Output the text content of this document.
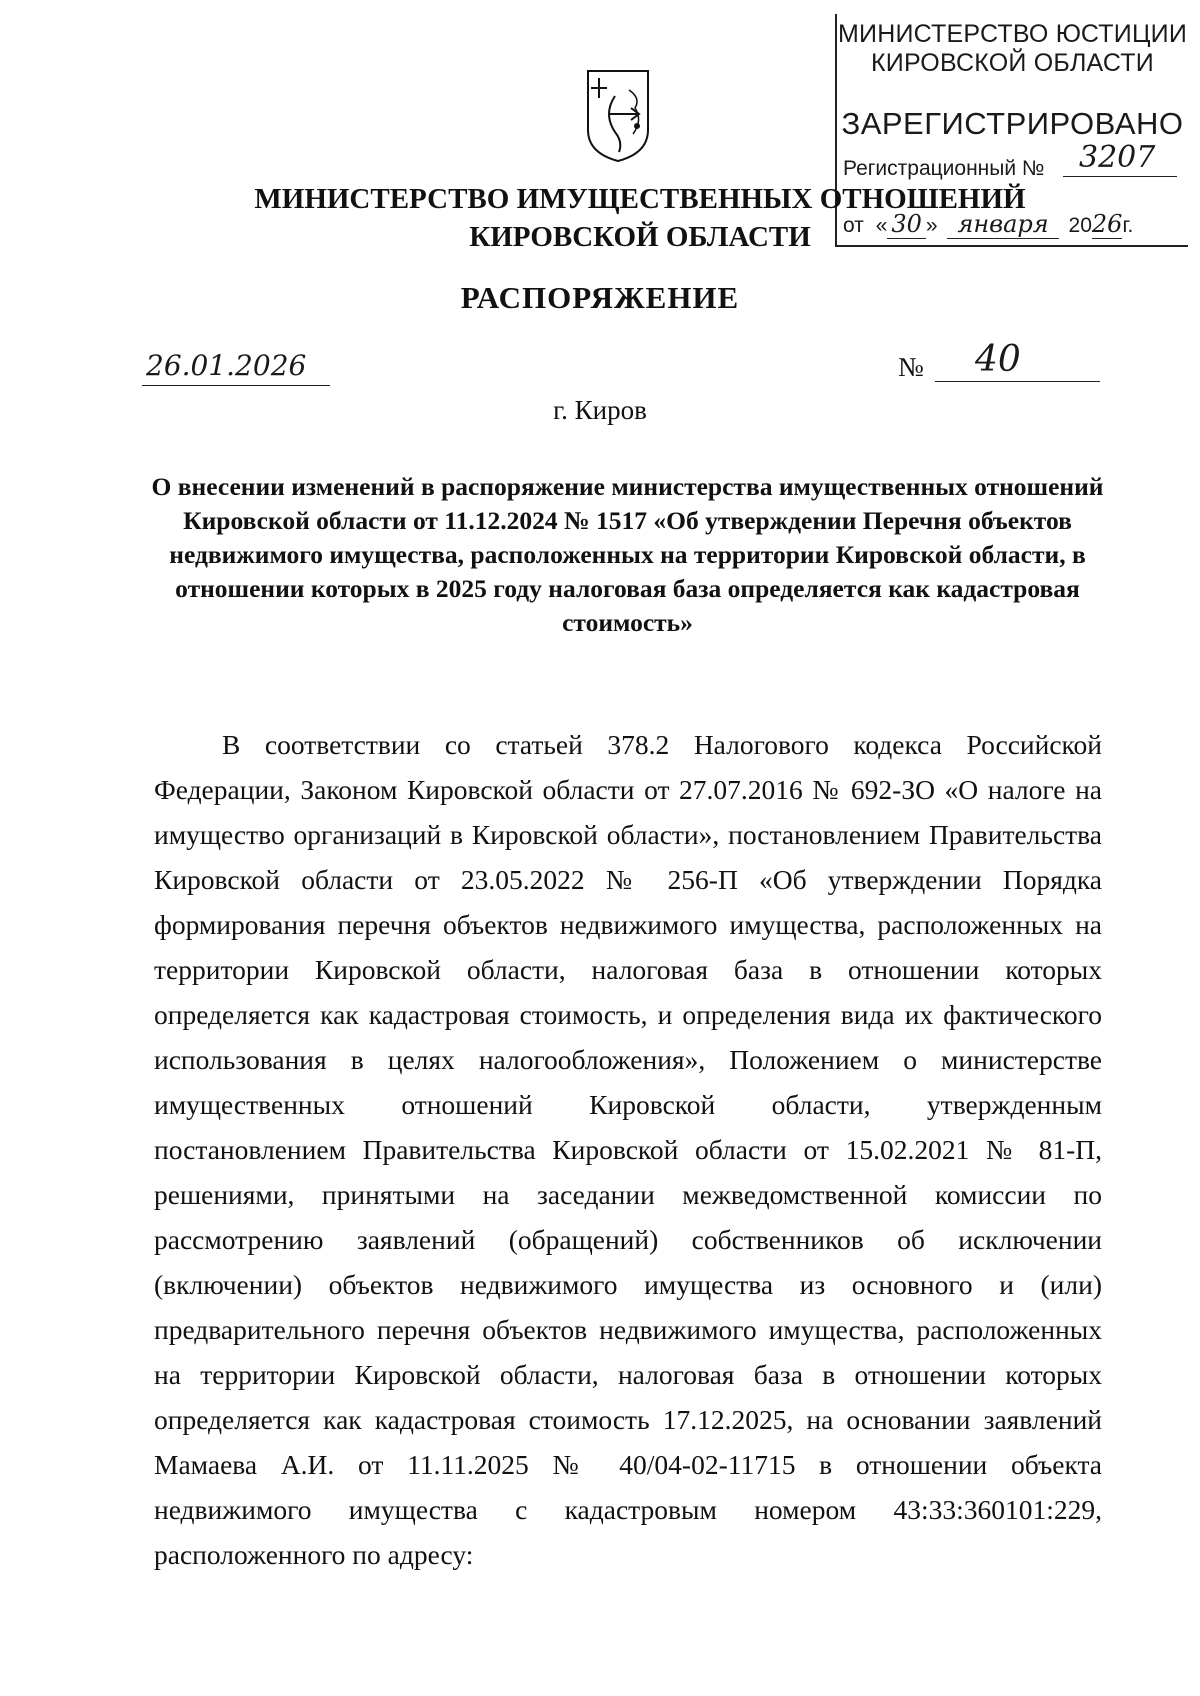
МИНИСТЕРСТВО ЮСТИЦИИ
КИРОВСКОЙ ОБЛАСТИ
ЗАРЕГИСТРИРОВАНО
Регистрационный № 3207
от « 30 » января 2026г.
МИНИСТЕРСТВО ИМУЩЕСТВЕННЫХ ОТНОШЕНИЙ
КИРОВСКОЙ ОБЛАСТИ
РАСПОРЯЖЕНИЕ
26.01.2026	№ 40
г. Киров
О внесении изменений в распоряжение министерства имущественных отношений Кировской области от 11.12.2024 № 1517 «Об утверждении Перечня объектов недвижимого имущества, расположенных на территории Кировской области, в отношении которых в 2025 году налоговая база определяется как кадастровая стоимость»
В соответствии со статьей 378.2 Налогового кодекса Российской Федерации, Законом Кировской области от 27.07.2016 № 692-ЗО «О налоге на имущество организаций в Кировской области», постановлением Правительства Кировской области от 23.05.2022 № 256-П «Об утверждении Порядка формирования перечня объектов недвижимого имущества, расположенных на территории Кировской области, налоговая база в отношении которых определяется как кадастровая стоимость, и определения вида их фактического использования в целях налогообложения», Положением о министерстве имущественных отношений Кировской области, утвержденным постановлением Правительства Кировской области от 15.02.2021 № 81-П, решениями, принятыми на заседании межведомственной комиссии по рассмотрению заявлений (обращений) собственников об исключении (включении) объектов недвижимого имущества из основного и (или) предварительного перечня объектов недвижимого имущества, расположенных на территории Кировской области, налоговая база в отношении которых определяется как кадастровая стоимость 17.12.2025, на основании заявлений Мамаева А.И. от 11.11.2025 № 40/04-02-11715 в отношении объекта недвижимого имущества с кадастровым номером 43:33:360101:229, расположенного по адресу:
